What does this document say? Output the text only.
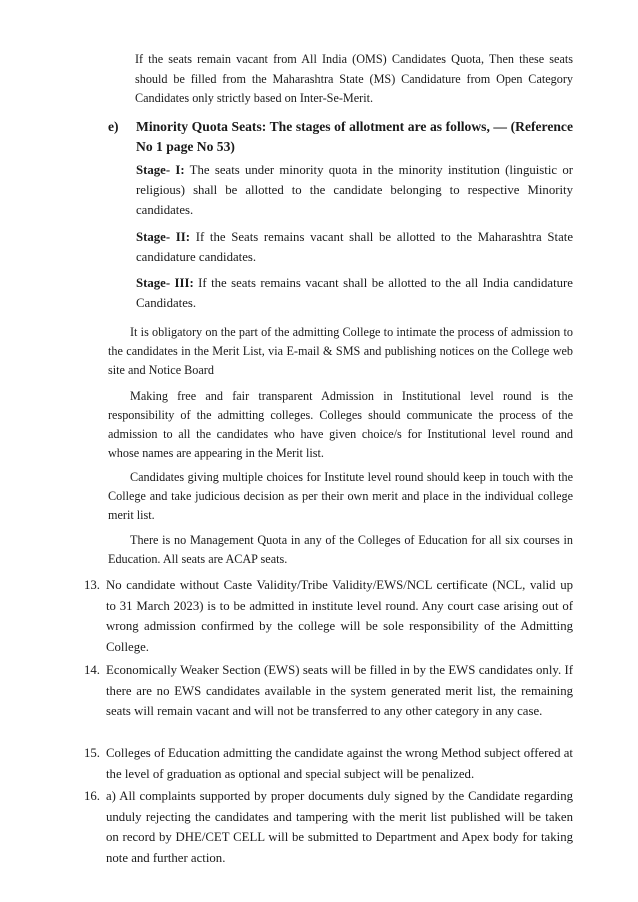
If the seats remain vacant from All India (OMS) Candidates Quota, Then these seats should be filled from the Maharashtra State (MS) Candidature from Open Category Candidates only strictly based on Inter-Se-Merit.

e) Minority Quota Seats: The stages of allotment are as follows, — (Reference No 1 page No 53)

Stage- I: The seats under minority quota in the minority institution (linguistic or religious) shall be allotted to the candidate belonging to respective Minority candidates.

Stage- II: If the Seats remains vacant shall be allotted to the Maharashtra State candidature candidates.

Stage- III: If the seats remains vacant shall be allotted to the all India candidature Candidates.

It is obligatory on the part of the admitting College to intimate the process of admission to the candidates in the Merit List, via E-mail & SMS and publishing notices on the College web site and Notice Board

Making free and fair transparent Admission in Institutional level round is the responsibility of the admitting colleges. Colleges should communicate the process of the admission to all the candidates who have given choice/s for Institutional level round and whose names are appearing in the Merit list.

Candidates giving multiple choices for Institute level round should keep in touch with the College and take judicious decision as per their own merit and place in the individual college merit list.

There is no Management Quota in any of the Colleges of Education for all six courses in Education. All seats are ACAP seats.

13. No candidate without Caste Validity/Tribe Validity/EWS/NCL certificate (NCL, valid up to 31 March 2023) is to be admitted in institute level round. Any court case arising out of wrong admission confirmed by the college will be sole responsibility of the Admitting College.
14. Economically Weaker Section (EWS) seats will be filled in by the EWS candidates only. If there are no EWS candidates available in the system generated merit list, the remaining seats will remain vacant and will not be transferred to any other category in any case.
15. Colleges of Education admitting the candidate against the wrong Method subject offered at the level of graduation as optional and special subject will be penalized.
16. a) All complaints supported by proper documents duly signed by the Candidate regarding unduly rejecting the candidates and tampering with the merit list published will be taken on record by DHE/CET CELL will be submitted to Department and Apex body for taking note and further action.
